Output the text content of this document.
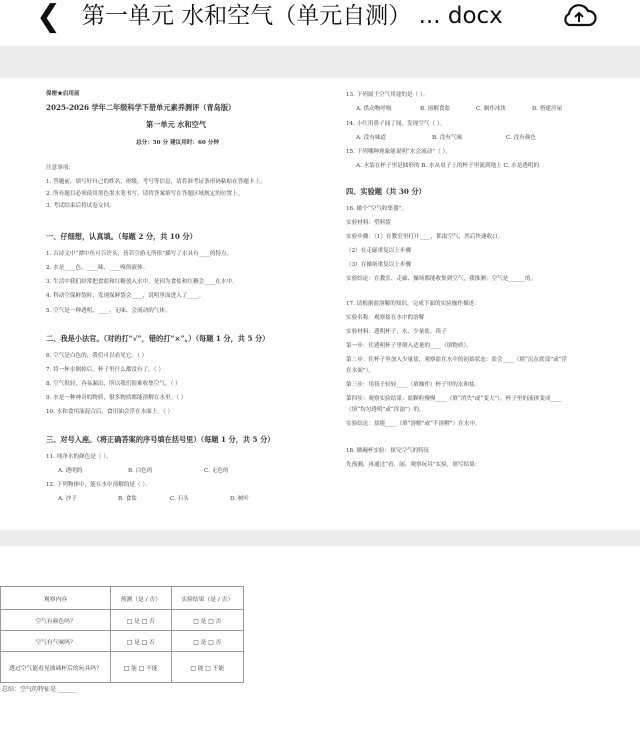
❮ 第一单元 水和空气（单元自测） ... docx
保密★启用前
2025-2026 学年二年级科学下册单元素养测评（青岛版）
第一单元 水和空气
总分：50 分 建议用时：60 分钟
注意事项：
1. 答题前，填写好自己的姓名、班级、考号等信息，请将准考证条形码粘贴在答题卡上。
2. 所有题目必须使用黑色墨水笔书写，请将答案填写在答题区域规定的位置上。
3. 考试结束后将试卷交回。
一、仔细想，认真填。（每题 2 分，共 10 分）
1. 古诗文中“潭中鱼可百许头，皆若空游无所依”描写了水具有____的特点。
2. 水是____色、____味、____嗅的液体。
3. 生活中我们经常把食盐和红糖放入水中，是因为食盐和红糖会____在水中。
4. 科动空保鲜袋时，发现保鲜袋会____，说明里面进入了____。
5. 空气是一种透明、____、无味、会流动的气体。
二、我是小法官。（对的打“√”，错的打“×”。）（每题 1 分，共 5 分）
6. 空气是白色的，我们可以看见它。（ ）
7. 将一杯水倒掉后，杯子里什么都没有了。（ ）
8. 空气很轻，容易漏出，所以我们很难收集空气。（ ）
9. 水是一种神奇的物质，很多物质都能溶解在水里。（ ）
10. 水和食用油混合后，食用油会浮在水面上。（ ）
三、对号入座。（将正确答案的序号填在括号里）（每题 1 分，共 5 分）
11. 纯净水的颜色是（ ）。
A. 透明的	B. 白色的	C. 无色的
12. 下列物体中，能在水中溶解的是（ ）。
A. 沙子	B. 食盐	C. 石头	D. 树叶
13. 下列属于空气用途的是（ ）。
A. 供动物呼吸	B. 溶解食盐	C. 制作冰块	D. 搭建房屋
14. 小红用鼻子闻了闻，发现空气（ ）。
A. 没有味道	B. 没有气味	C. 没有颜色
15. 下列哪种现象能说明“水会流动”（ ）。
A. 水装在杯子里是圆形的 B. 水从桌子上的杯子里流到地上 C. 水是透明的
四、实验题（共 30 分）
16. 做个“空气收集器”。
实验材料：塑料袋
实验步骤：（1）在教室里打开____，抓取空气，然后快速收口。
（2）在走廊重复以上步骤
（3）在操场重复以上步骤
实验结论：在教室、走廊、操场都能收集到空气，我推测：空气是______的。
17. 请根据盐溶解的知识，完成下面的实验操作描述：
实验名称：观察盐在水中的溶解
实验材料：透明杯子、水、少量盐、筷子
第一步：往透明杯子里倒入适量的____（填物质）。
第二步：往杯子里加入少量盐，观察盐在水中的初始状态：盐会____（填“沉在底部”或“浮
在水面”）。
第三步：用筷子轻轻____（填操作）杯子里的水和盐。
第四步：观察实验结果：盐颗粒慢慢____（填“消失”或“变大”），杯子里的液体变成____
（填“均匀透明”或“浑浊”）的。
实验结论：盐能____（填“溶解”或“不溶解”）在水中。
18. 做碗杯实验：探究空气的特征
先预测，再通过“看、闻、观察玩具”实验，填写结果：
观察内容	预测（是 / 否）	实验结果（是 / 否）
空气有颜色吗？	□ 是 □ 否	□ 是 □ 否
空气有气味吗？	□ 是 □ 否	□ 是 □ 否
透过空气能看见玻璃杯后的玩具吗？	□ 能 □ 不能	□ 能 □ 不能
总结：空气的特征是 ______
